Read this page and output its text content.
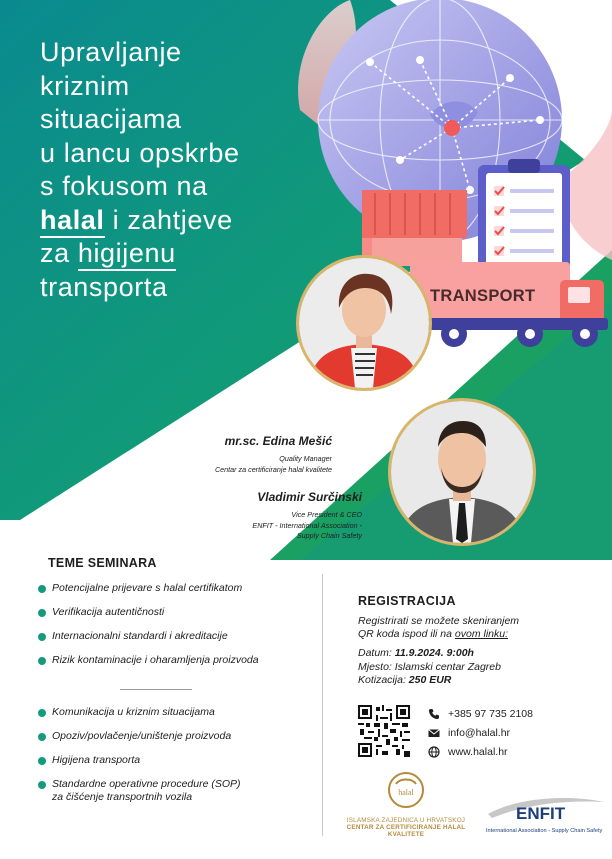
TRANSPORT
Upravljanje
kriznim
situacijama
u lancu opskrbe
s fokusom na
halal i zahtjeve
za higijenu
transporta
mr.sc. Edina Mešić
Quality Manager
Centar za certificiranje halal kvalitete
Vladimir Surčinski
Vice President & CEO
ENFIT - International Association -
Supply Chain Safety
TEME SEMINARA
Potencijalne prijevare s halal certifikatom
Verifikacija autentičnosti
Internacionalni standardi i akreditacije
Rizik kontaminacije i oharamljenja proizvoda
Komunikacija u kriznim situacijama
Opoziv/povlačenje/uništenje proizvoda
Higijena transporta
Standardne operativne procedure (SOP)
za čišćenje transportnih vozila
REGISTRACIJA
Registrirati se možete skeniranjem
QR koda ispod ili na ovom linku:
Datum: 11.9.2024. 9:00h
Mjesto: Islamski centar Zagreb
Kotizacija: 250 EUR
+385 97 735 2108
info@halal.hr
www.halal.hr
halal
ISLAMSKA ZAJEDNICA U HRVATSKOJ
CENTAR ZA CERTIFICIRANJE HALAL KVALITETE
ENFIT
International Association - Supply Chain Safety
